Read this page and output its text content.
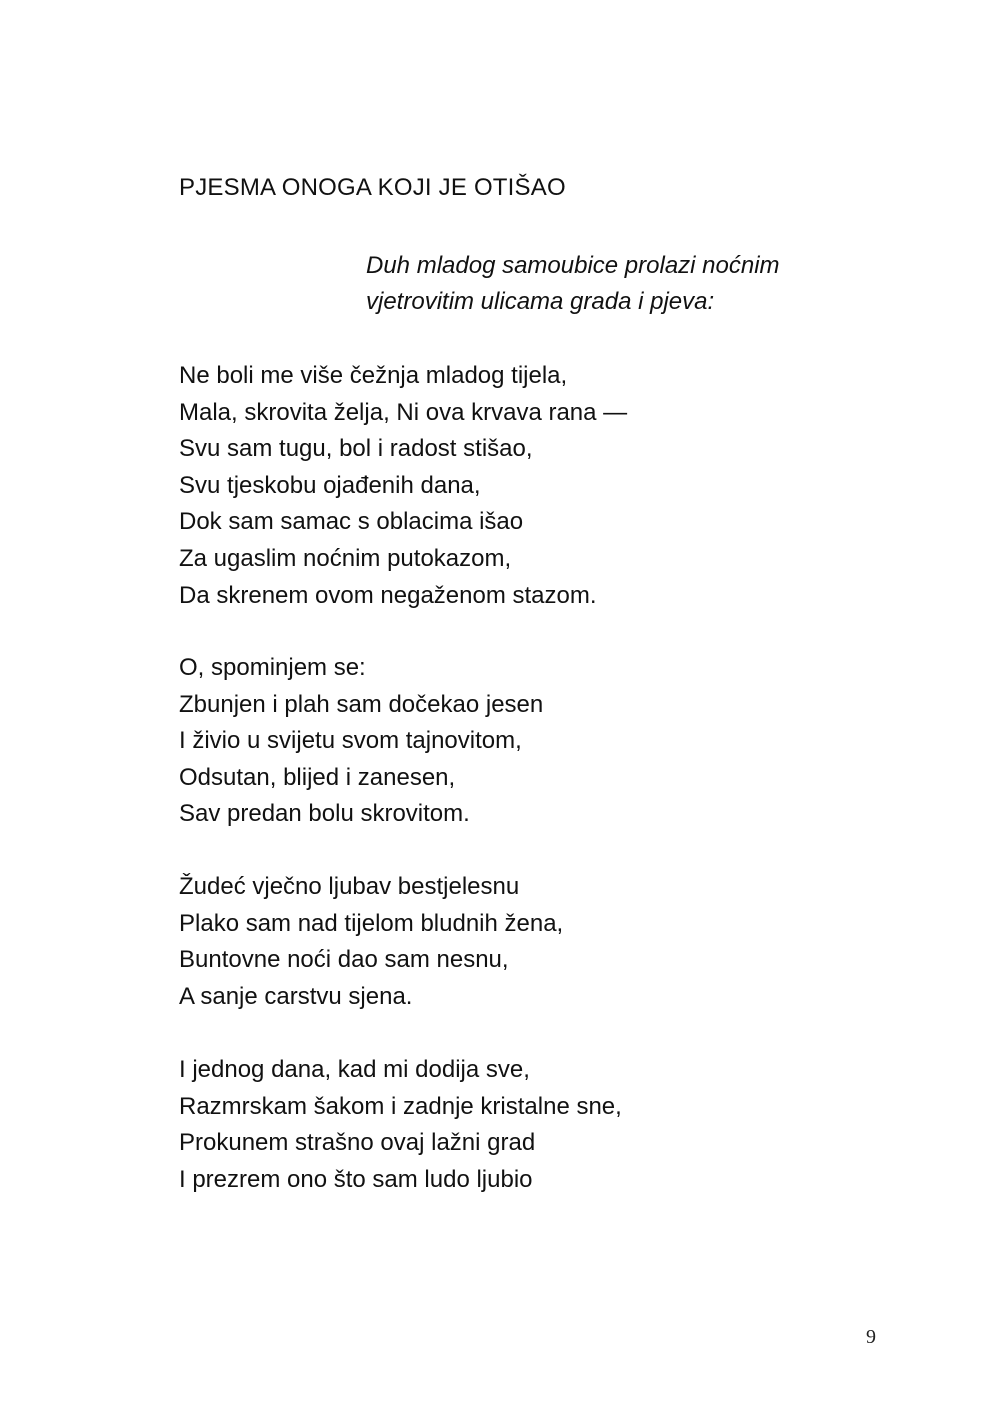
PJESMA ONOGA KOJI JE OTIŠAO
Duh mladog samoubice prolazi noćnim
vjetrovitim ulicama grada i pjeva:
Ne boli me više čežnja mladog tijela,
Mala, skrovita želja, Ni ova krvava rana —
Svu sam tugu, bol i radost stišao,
Svu tjeskobu ojađenih dana,
Dok sam samac s oblacima išao
Za ugaslim noćnim putokazom,
Da skrenem ovom negaženom stazom.
O, spominjem se:
Zbunjen i plah sam dočekao jesen
I živio u svijetu svom tajnovitom,
Odsutan, blijed i zanesen,
Sav predan bolu skrovitom.
Žudeć vječno ljubav bestjelesnu
Plako sam nad tijelom bludnih žena,
Buntovne noći dao sam nesnu,
A sanje carstvu sjena.
I jednog dana, kad mi dodija sve,
Razmrskam šakom i zadnje kristalne sne,
Prokunem strašno ovaj lažni grad
I prezrem ono što sam ludo ljubio
9
